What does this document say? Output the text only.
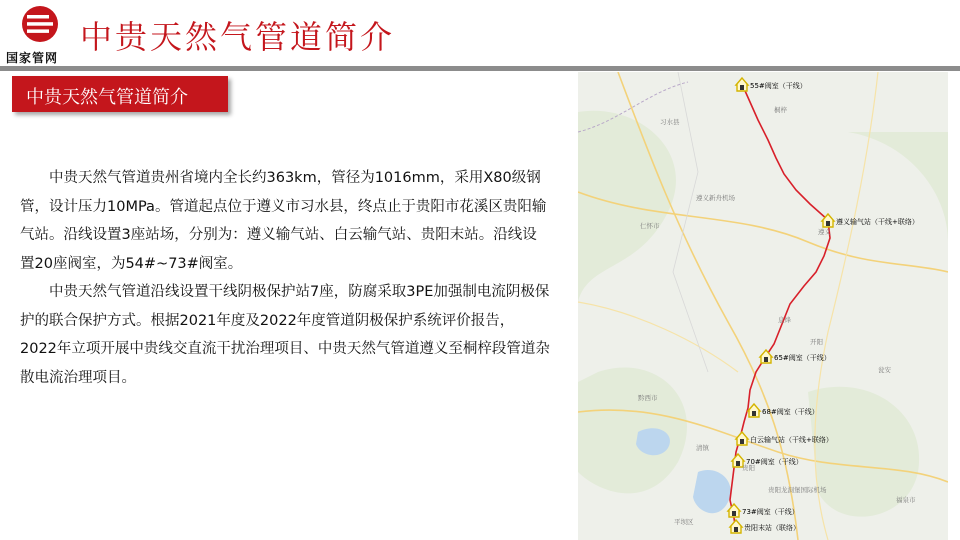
国家管网
中贵天然气管道简介
中贵天然气管道简介

中贵天然气管道贵州省境内全长约363km，管径为1016mm，采用X80级钢管，设计压力10MPa。管道起点位于遵义市习水县，终点止于贵阳市花溪区贵阳输气站。沿线设置3座站场，分别为：遵义输气站、白云输气站、贵阳末站。沿线设置20座阀室，为54#~73#阀室。

中贵天然气管道沿线设置干线阴极保护站7座，防腐采取3PE加强制电流阴极保护的联合保护方式。根据2021年度及2022年度管道阴极保护系统评价报告，2022年立项开展中贵线交直流干扰治理项目、中贵天然气管道遵义至桐梓段管道杂散电流治理项目。

55#阀室（干线）
遵义输气站（干线+联络）
65#阀室（干线）
68#阀室（干线）
白云输气站（干线+联络）
70#阀室（干线）
73#阀室（干线）
贵阳末站（联络）
习水县
遵义新舟机场
遵义
仁怀市
黔西市
清镇
贵阳
息烽
开阳
贵阳龙洞堡国际机场
福泉市
平坝区
瓮安
桐梓
